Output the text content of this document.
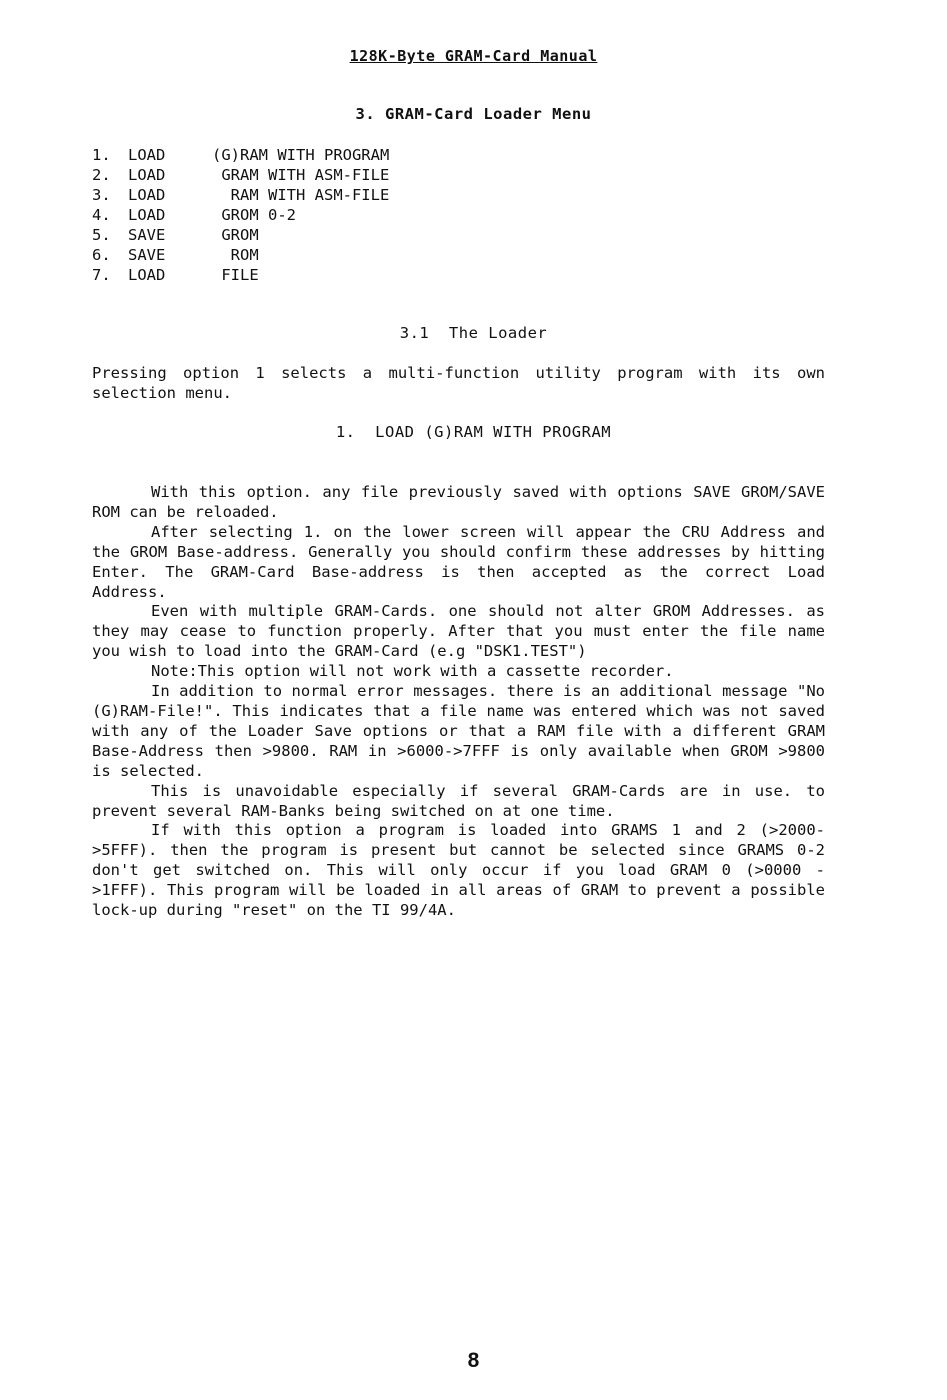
128K-Byte GRAM-Card Manual
3. GRAM-Card Loader Menu
1.	LOAD	(G)RAM WITH PROGRAM
2.	LOAD	GRAM WITH ASM-FILE
3.	LOAD	RAM WITH ASM-FILE
4.	LOAD	GROM 0-2
5.	SAVE	GROM
6.	SAVE	ROM
7.	LOAD	FILE
3.1  The Loader
Pressing option 1 selects a multi-function utility program with its own selection menu.
1.  LOAD (G)RAM WITH PROGRAM

With this option. any file previously saved with options SAVE GROM/SAVE ROM can be reloaded.

After selecting 1. on the lower screen will appear the CRU Address and the GROM Base-address. Generally you should confirm these addresses by hitting Enter. The GRAM-Card Base-address is then accepted as the correct Load Address.

Even with multiple GRAM-Cards. one should not alter GROM Addresses. as they may cease to function properly. After that you must enter the file name you wish to load into the GRAM-Card (e.g "DSK1.TEST")

Note:This option will not work with a cassette recorder.

In addition to normal error messages. there is an additional message "No (G)RAM-File!". This indicates that a file name was entered which was not saved with any of the Loader Save options or that a RAM file with a different GRAM Base-Address then >9800. RAM in >6000->7FFF is only available when GROM >9800 is selected.

This is unavoidable especially if several GRAM-Cards are in use. to prevent several RAM-Banks being switched on at one time.

If with this option a program is loaded into GRAMS 1 and 2 (>2000->5FFF). then the program is present but cannot be selected since GRAMS 0-2 don't get switched on. This will only occur if you load GRAM 0 (>0000 - >1FFF). This program will be loaded in all areas of GRAM to prevent a possible lock-up during "reset" on the TI 99/4A.

8
